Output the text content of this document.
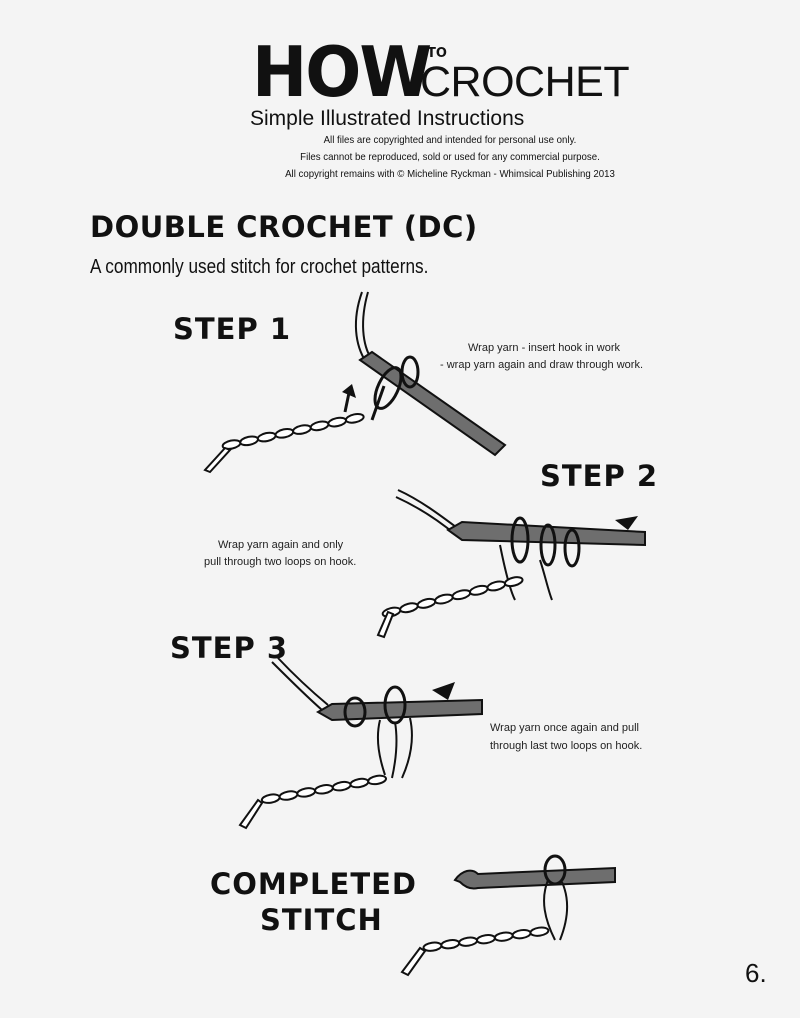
HOW
TO
CROCHET
Simple Illustrated Instructions
All files are copyrighted and intended for personal use only.
Files cannot be reproduced, sold or used for any commercial purpose.
All copyright remains with © Micheline Ryckman - Whimsical Publishing 2013
DOUBLE CROCHET (DC)
A commonly used stitch for crochet patterns.
STEP 1
STEP 2
STEP 3
COMPLETED
STITCH
Wrap yarn - insert hook in work
- wrap yarn again and draw through work.
Wrap yarn again and only
pull through two loops on hook.
Wrap yarn once again and pull
through last two loops on hook.
6.
